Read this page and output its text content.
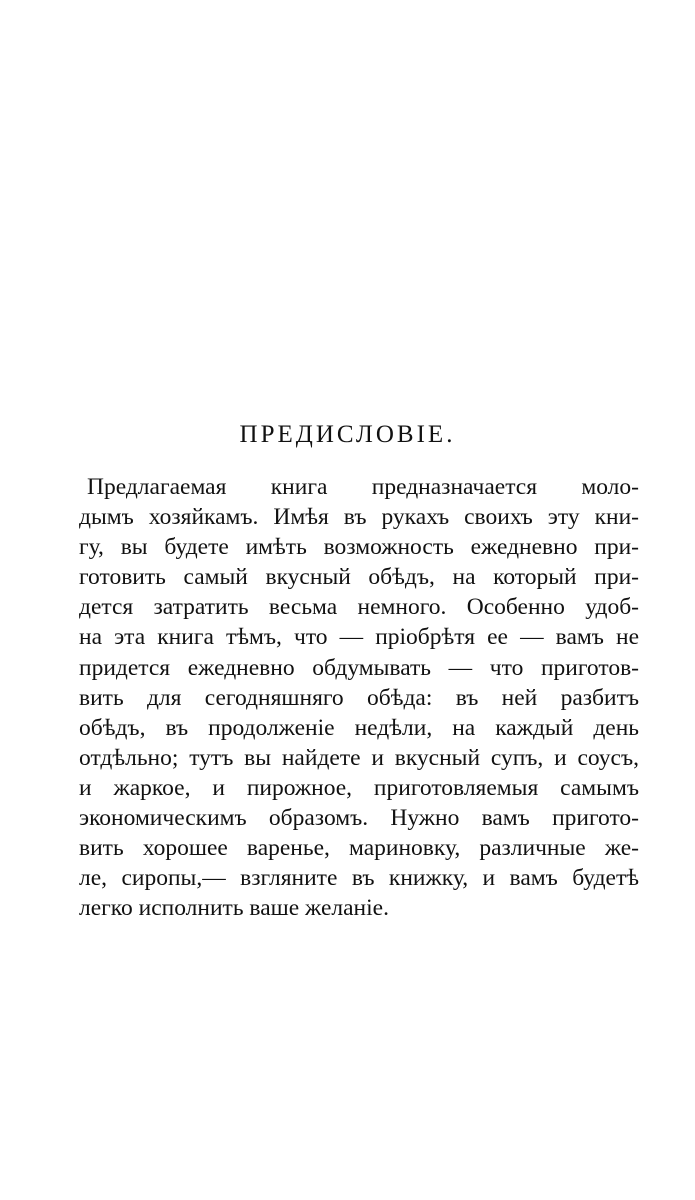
ПРЕДИСЛОВІЕ.
Предлагаемая книга предназначается моло-
дымъ хозяйкамъ. Имѣя въ рукахъ своихъ эту кни-
гу, вы будете имѣть возможность ежедневно при-
готовить самый вкусный обѣдъ, на который при-
дется затратить весьма немного. Особенно удоб-
на эта книга тѣмъ, что — пріобрѣтя ее — вамъ не
придется ежедневно обдумывать — что приготов-
вить для сегодняшняго обѣда: въ ней разбитъ
обѣдъ, въ продолженіе недѣли, на каждый день
отдѣльно; тутъ вы найдете и вкусный супъ, и соусъ,
и жаркое, и пирожное, приготовляемыя самымъ
экономическимъ образомъ. Нужно вамъ пригото-
вить хорошее варенье, мариновку, различные же-
ле, сиропы,— взгляните въ книжку, и вамъ будетѣ
легко исполнить ваше желаніе.
